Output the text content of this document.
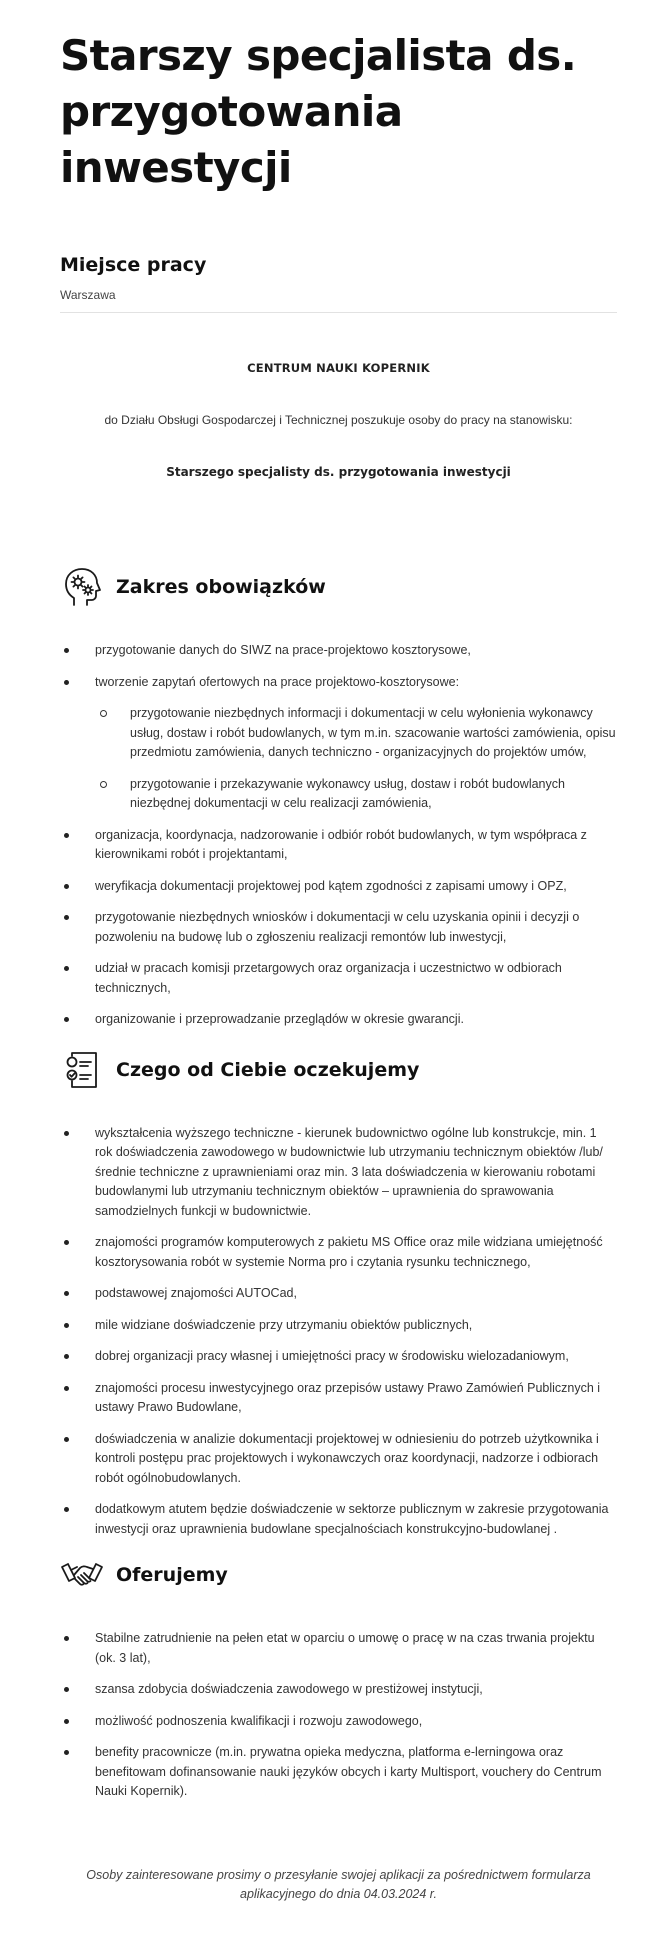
Starszy specjalista ds. przygotowania inwestycji
Miejsce pracy
Warszawa
CENTRUM NAUKI KOPERNIK
do Działu Obsługi Gospodarczej i Technicznej poszukuje osoby do pracy na stanowisku:
Starszego specjalisty ds. przygotowania inwestycji
Zakres obowiązków
przygotowanie danych do SIWZ na prace-projektowo kosztorysowe,
tworzenie zapytań ofertowych na prace projektowo-kosztorysowe:
przygotowanie niezbędnych informacji i dokumentacji w celu wyłonienia wykonawcy usług, dostaw i robót budowlanych, w tym m.in. szacowanie wartości zamówienia, opisu przedmiotu zamówienia, danych techniczno - organizacyjnych do projektów umów,
przygotowanie i przekazywanie wykonawcy usług, dostaw i robót budowlanych niezbędnej dokumentacji w celu realizacji zamówienia,
organizacja, koordynacja, nadzorowanie i odbiór robót budowlanych, w tym współpraca z kierownikami robót i projektantami,
weryfikacja dokumentacji projektowej pod kątem zgodności z zapisami umowy i OPZ,
przygotowanie niezbędnych wniosków i dokumentacji w celu uzyskania opinii i decyzji o pozwoleniu na budowę lub o zgłoszeniu realizacji remontów lub inwestycji,
udział w pracach komisji przetargowych oraz organizacja i uczestnictwo w odbiorach technicznych,
organizowanie i przeprowadzanie przeglądów w okresie gwarancji.
Czego od Ciebie oczekujemy
wykształcenia wyższego techniczne - kierunek budownictwo ogólne lub konstrukcje, min. 1 rok doświadczenia zawodowego w budownictwie lub utrzymaniu technicznym obiektów /lub/ średnie techniczne z uprawnieniami oraz min. 3 lata doświadczenia w kierowaniu robotami budowlanymi lub utrzymaniu technicznym obiektów – uprawnienia do sprawowania samodzielnych funkcji w budownictwie.
znajomości programów komputerowych z pakietu MS Office oraz mile widziana umiejętność kosztorysowania robót w systemie Norma pro i czytania rysunku technicznego,
podstawowej znajomości AUTOCad,
mile widziane doświadczenie przy utrzymaniu obiektów publicznych,
dobrej organizacji pracy własnej i umiejętności pracy w środowisku wielozadaniowym,
znajomości procesu inwestycyjnego oraz przepisów ustawy Prawo Zamówień Publicznych i ustawy Prawo Budowlane,
doświadczenia w analizie dokumentacji projektowej w odniesieniu do potrzeb użytkownika i kontroli postępu prac projektowych i wykonawczych oraz koordynacji, nadzorze i odbiorach robót ogólnobudowlanych.
dodatkowym atutem będzie doświadczenie w sektorze publicznym w zakresie przygotowania inwestycji oraz uprawnienia budowlane specjalnościach konstrukcyjno-budowlanej .
Oferujemy
Stabilne zatrudnienie na pełen etat w oparciu o umowę o pracę w na czas trwania projektu (ok. 3 lat),
szansa zdobycia doświadczenia zawodowego w prestiżowej instytucji,
możliwość podnoszenia kwalifikacji i rozwoju zawodowego,
benefity pracownicze (m.in. prywatna opieka medyczna, platforma e-lerningowa oraz benefitowam dofinansowanie nauki języków obcych i karty Multisport, vouchery do Centrum Nauki Kopernik).
Osoby zainteresowane prosimy o przesyłanie swojej aplikacji za pośrednictwem formularza aplikacyjnego do dnia 04.03.2024 r.
